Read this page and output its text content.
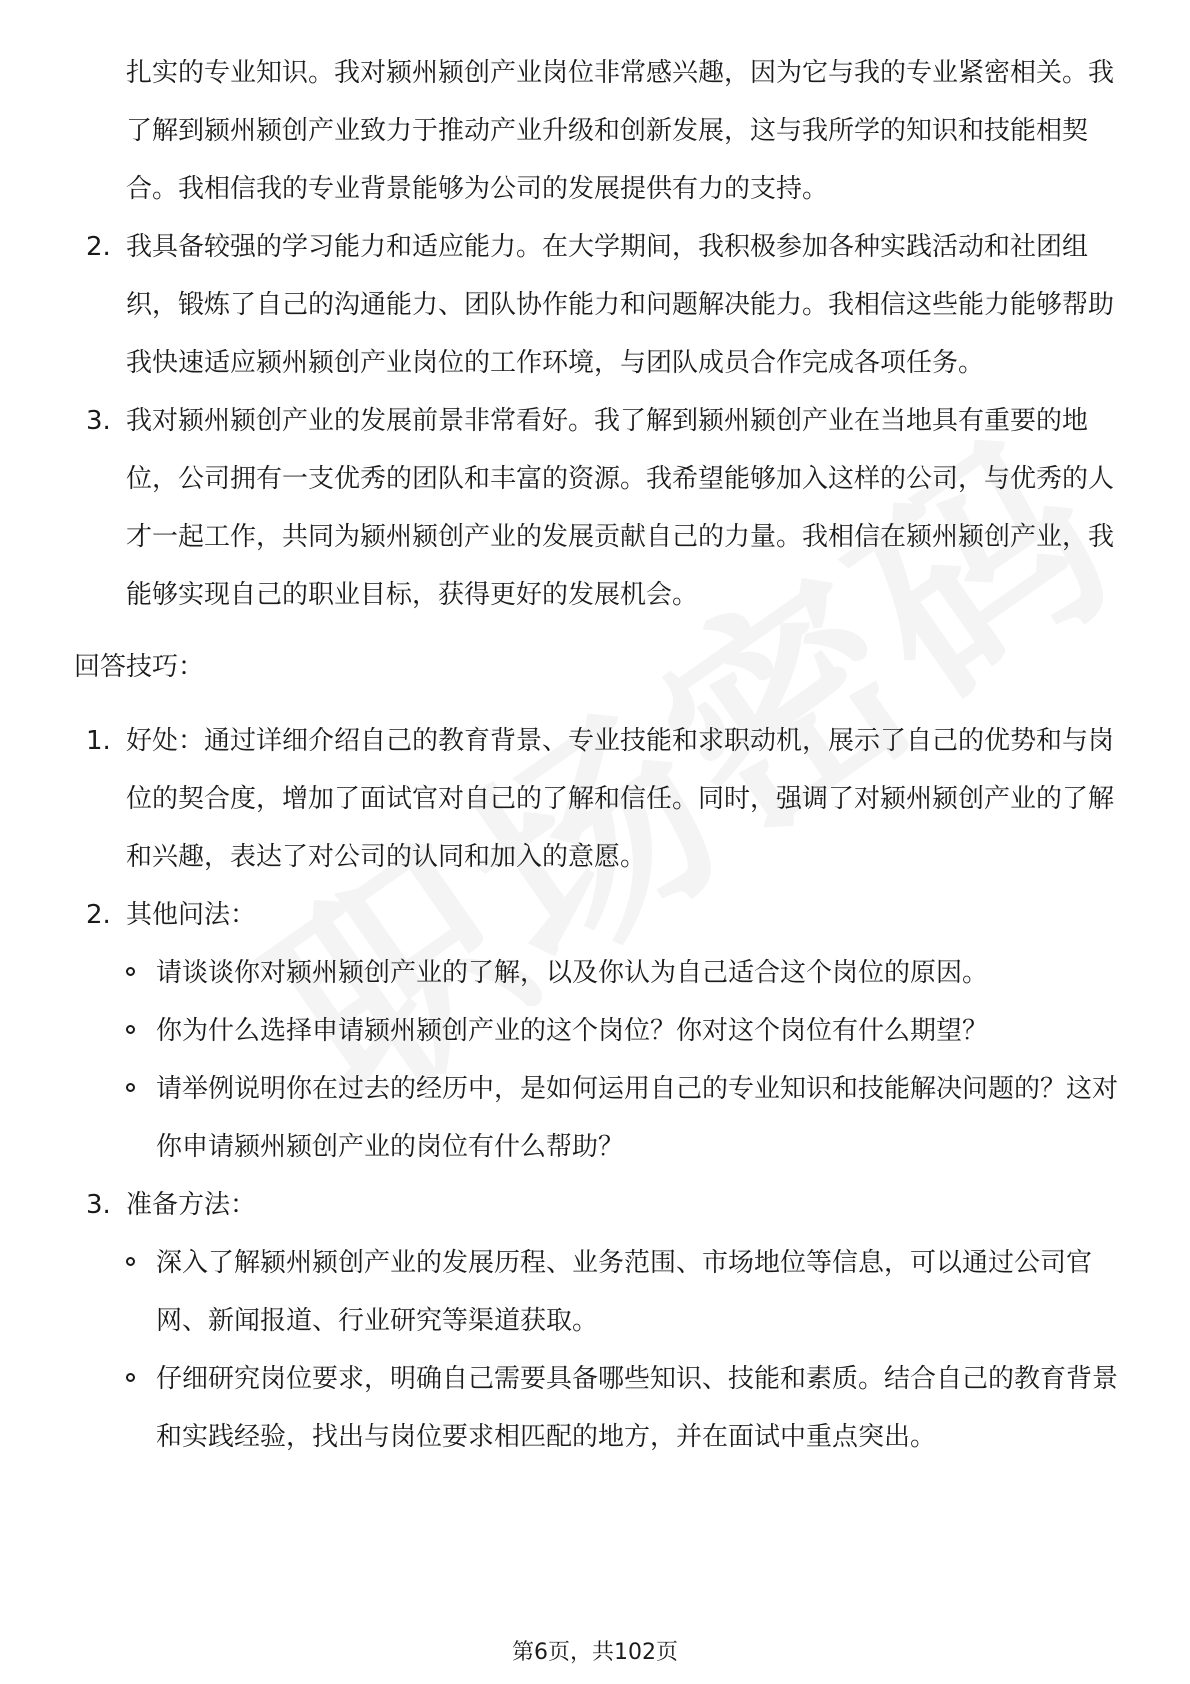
扎实的专业知识。我对颍州颍创产业岗位非常感兴趣，因为它与我的专业紧密相关。我了解到颍州颍创产业致力于推动产业升级和创新发展，这与我所学的知识和技能相契合。我相信我的专业背景能够为公司的发展提供有力的支持。
2. 我具备较强的学习能力和适应能力。在大学期间，我积极参加各种实践活动和社团组织，锻炼了自己的沟通能力、团队协作能力和问题解决能力。我相信这些能力能够帮助我快速适应颍州颍创产业岗位的工作环境，与团队成员合作完成各项任务。
3. 我对颍州颍创产业的发展前景非常看好。我了解到颍州颍创产业在当地具有重要的地位，公司拥有一支优秀的团队和丰富的资源。我希望能够加入这样的公司，与优秀的人才一起工作，共同为颍州颍创产业的发展贡献自己的力量。我相信在颍州颍创产业，我能够实现自己的职业目标，获得更好的发展机会。
回答技巧：
1. 好处：通过详细介绍自己的教育背景、专业技能和求职动机，展示了自己的优势和与岗位的契合度，增加了面试官对自己的了解和信任。同时，强调了对颍州颍创产业的了解和兴趣，表达了对公司的认同和加入的意愿。
2. 其他问法：
请谈谈你对颍州颍创产业的了解，以及你认为自己适合这个岗位的原因。
你为什么选择申请颍州颍创产业的这个岗位？你对这个岗位有什么期望？
请举例说明你在过去的经历中，是如何运用自己的专业知识和技能解决问题的？这对你申请颍州颍创产业的岗位有什么帮助？
3. 准备方法：
深入了解颍州颍创产业的发展历程、业务范围、市场地位等信息，可以通过公司官网、新闻报道、行业研究等渠道获取。
仔细研究岗位要求，明确自己需要具备哪些知识、技能和素质。结合自己的教育背景和实践经验，找出与岗位要求相匹配的地方，并在面试中重点突出。
第6页，共102页
